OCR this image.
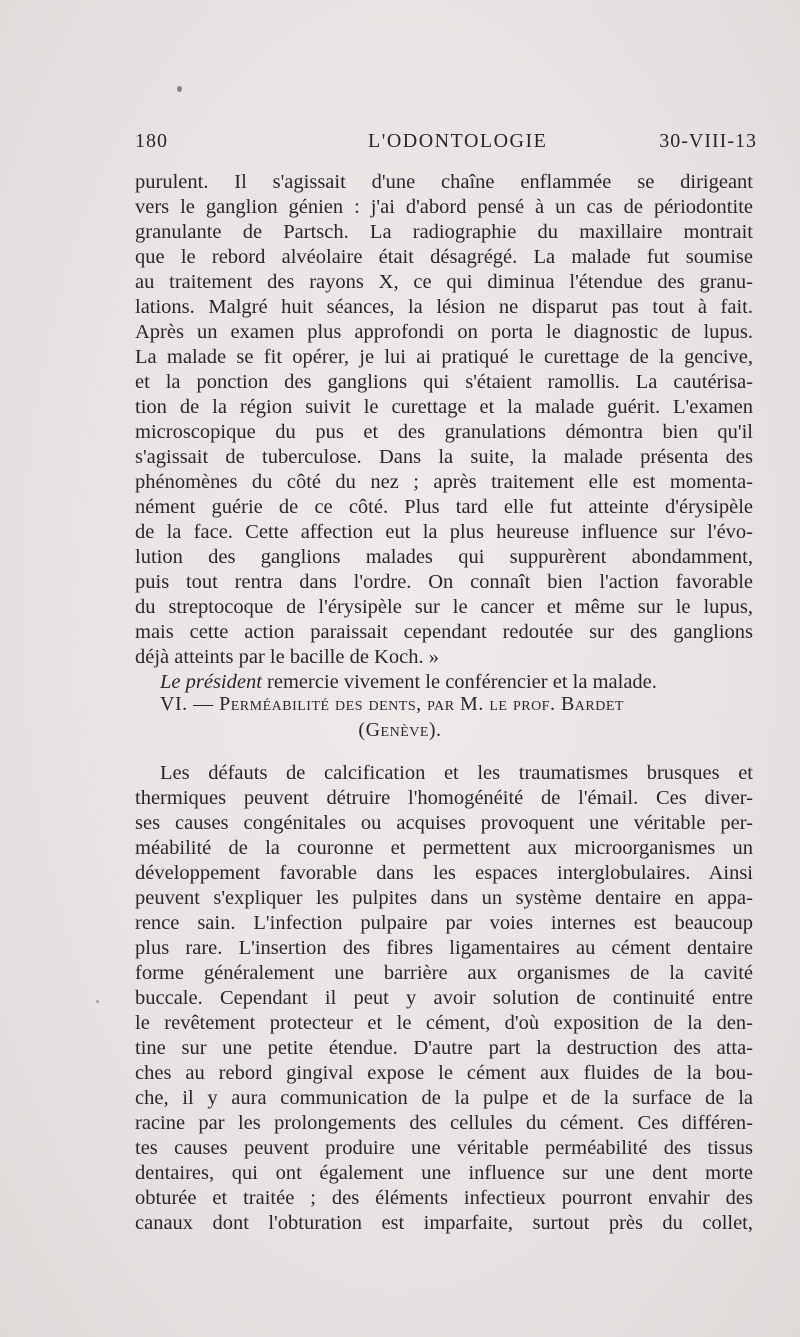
180	L'ODONTOLOGIE	30-VIII-13
purulent. Il s'agissait d'une chaîne enflammée se dirigeant
vers le ganglion génien : j'ai d'abord pensé à un cas de périodontite
granulante de Partsch. La radiographie du maxillaire montrait
que le rebord alvéolaire était désagrégé. La malade fut soumise
au traitement des rayons X, ce qui diminua l'étendue des granu-
lations. Malgré huit séances, la lésion ne disparut pas tout à fait.
Après un examen plus approfondi on porta le diagnostic de lupus.
La malade se fit opérer, je lui ai pratiqué le curettage de la gencive,
et la ponction des ganglions qui s'étaient ramollis. La cautérisa-
tion de la région suivit le curettage et la malade guérit. L'examen
microscopique du pus et des granulations démontra bien qu'il
s'agissait de tuberculose. Dans la suite, la malade présenta des
phénomènes du côté du nez ; après traitement elle est momenta-
nément guérie de ce côté. Plus tard elle fut atteinte d'érysipèle
de la face. Cette affection eut la plus heureuse influence sur l'évo-
lution des ganglions malades qui suppurèrent abondamment,
puis tout rentra dans l'ordre. On connaît bien l'action favorable
du streptocoque de l'érysipèle sur le cancer et même sur le lupus,
mais cette action paraissait cependant redoutée sur des ganglions
déjà atteints par le bacille de Koch. »
Le président remercie vivement le conférencier et la malade.
VI. — Perméabilité des dents, par M. le prof. Bardet
(Genève).
Les défauts de calcification et les traumatismes brusques et
thermiques peuvent détruire l'homogénéité de l'émail. Ces diver-
ses causes congénitales ou acquises provoquent une véritable per-
méabilité de la couronne et permettent aux microorganismes un
développement favorable dans les espaces interglobulaires. Ainsi
peuvent s'expliquer les pulpites dans un système dentaire en appa-
rence sain. L'infection pulpaire par voies internes est beaucoup
plus rare. L'insertion des fibres ligamentaires au cément dentaire
forme généralement une barrière aux organismes de la cavité
buccale. Cependant il peut y avoir solution de continuité entre
le revêtement protecteur et le cément, d'où exposition de la den-
tine sur une petite étendue. D'autre part la destruction des atta-
ches au rebord gingival expose le cément aux fluides de la bou-
che, il y aura communication de la pulpe et de la surface de la
racine par les prolongements des cellules du cément. Ces différen-
tes causes peuvent produire une véritable perméabilité des tissus
dentaires, qui ont également une influence sur une dent morte
obturée et traitée ; des éléments infectieux pourront envahir des
canaux dont l'obturation est imparfaite, surtout près du collet,
